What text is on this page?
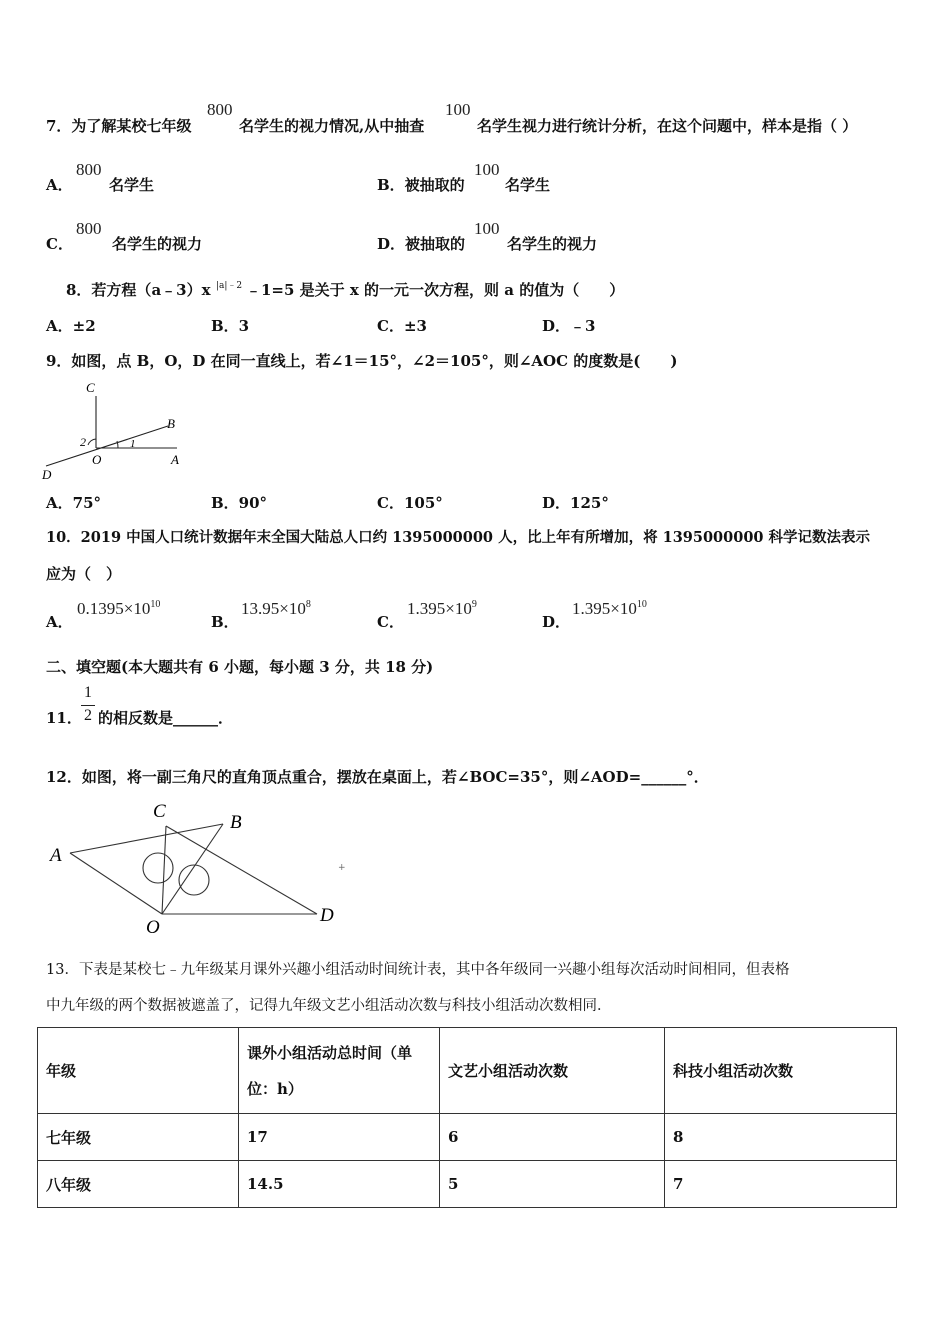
7．为了解某校七年级
800
名学生的视力情况,从中抽查
100
名学生视力进行统计分析，在这个问题中，样本是指（ ）
A．
800
名学生	B．被抽取的
100
名学生
C．
800
名学生的视力	D．被抽取的
100
名学生的视力
8．若方程（a﹣3）x |a|﹣2 ﹣1=5 是关于 x 的一元一次方程，则 a 的值为（　　）
A．±2	B．3	C．±3	D．﹣3
9．如图，点 B，O，D 在同一直线上，若∠1＝15°，∠2＝105°，则∠AOC 的度数是(　　)
C
B
2	1
O	A
D
A．75°	B．90°	C．105°	D．125°
10．2019 中国人口统计数据年末全国大陆总人口约 1395000000 人，比上年有所增加，将 1395000000 科学记数法表示
应为（　）
A．
$0.1395\times 10^{10}$
B．
$13.95\times 10^8$
C．
$1.395\times 10^9$
D．
$1.395\times 10^{10}$
二、填空题(本大题共有 6 小题，每小题 3 分，共 18 分)
11．
1
2 的相反数是______．
12．如图，将一副三角尺的直角顶点重合，摆放在桌面上，若∠BOC=35°，则∠AOD=______°．
C
B
A
O
D
+
13．下表是某校七﹣九年级某月课外兴趣小组活动时间统计表，其中各年级同一兴趣小组每次活动时间相同，但表格
中九年级的两个数据被遮盖了，记得九年级文艺小组活动次数与科技小组活动次数相同．
年级	课外小组活动总时间（单
位：h）	文艺小组活动次数	科技小组活动次数
七年级	17	6	8
八年级	14.5	5	7
